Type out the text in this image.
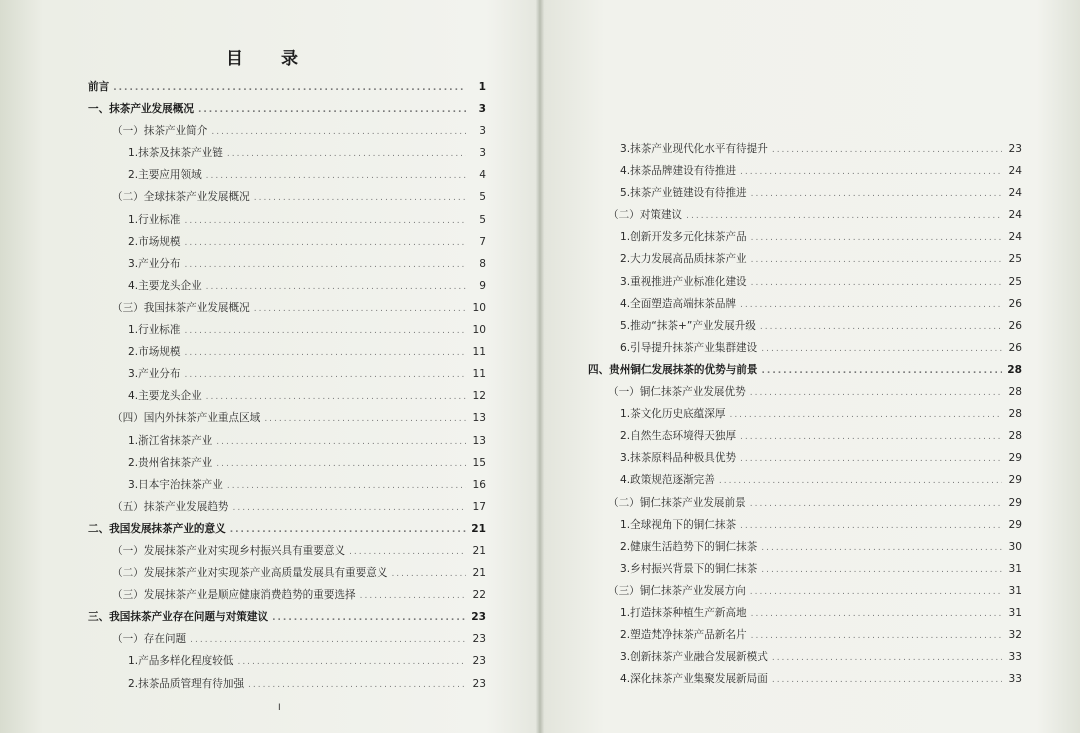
目 录
前言 .....	1
一、抹茶产业发展概况 .....	3
（一）抹茶产业简介 .....	3
1.抹茶及抹茶产业链 .....	3
2.主要应用领域 .....	4
（二）全球抹茶产业发展概况 .....	5
1.行业标准 .....	5
2.市场规模 .....	7
3.产业分布 .....	8
4.主要龙头企业 .....	9
（三）我国抹茶产业发展概况 .....	10
1.行业标准 .....	10
2.市场规模 .....	11
3.产业分布 .....	11
4.主要龙头企业 .....	12
（四）国内外抹茶产业重点区域 .....	13
1.浙江省抹茶产业 .....	13
2.贵州省抹茶产业 .....	15
3.日本宇治抹茶产业 .....	16
（五）抹茶产业发展趋势 .....	17
二、我国发展抹茶产业的意义 .....	21
（一）发展抹茶产业对实现乡村振兴具有重要意义 .....	21
（二）发展抹茶产业对实现茶产业高质量发展具有重要意义 .....	21
（三）发展抹茶产业是顺应健康消费趋势的重要选择 .....	22
三、我国抹茶产业存在问题与对策建议 .....	23
（一）存在问题 .....	23
1.产品多样化程度较低 .....	23
2.抹茶品质管理有待加强 .....	23
I
3.抹茶产业现代化水平有待提升 .....	23
4.抹茶品牌建设有待推进 .....	24
5.抹茶产业链建设有待推进 .....	24
（二）对策建议 .....	24
1.创新开发多元化抹茶产品 .....	24
2.大力发展高品质抹茶产业 .....	25
3.重视推进产业标准化建设 .....	25
4.全面塑造高端抹茶品牌 .....	26
5.推动“抹茶+”产业发展升级 .....	26
6.引导提升抹茶产业集群建设 .....	26
四、贵州铜仁发展抹茶的优势与前景 .....	28
（一）铜仁抹茶产业发展优势 .....	28
1.茶文化历史底蕴深厚 .....	28
2.自然生态环境得天独厚 .....	28
3.抹茶原料品种极具优势 .....	29
4.政策规范逐渐完善 .....	29
（二）铜仁抹茶产业发展前景 .....	29
1.全球视角下的铜仁抹茶 .....	29
2.健康生活趋势下的铜仁抹茶 .....	30
3.乡村振兴背景下的铜仁抹茶 .....	31
（三）铜仁抹茶产业发展方向 .....	31
1.打造抹茶种植生产新高地 .....	31
2.塑造梵净抹茶产品新名片 .....	32
3.创新抹茶产业融合发展新模式 .....	33
4.深化抹茶产业集聚发展新局面 .....	33
